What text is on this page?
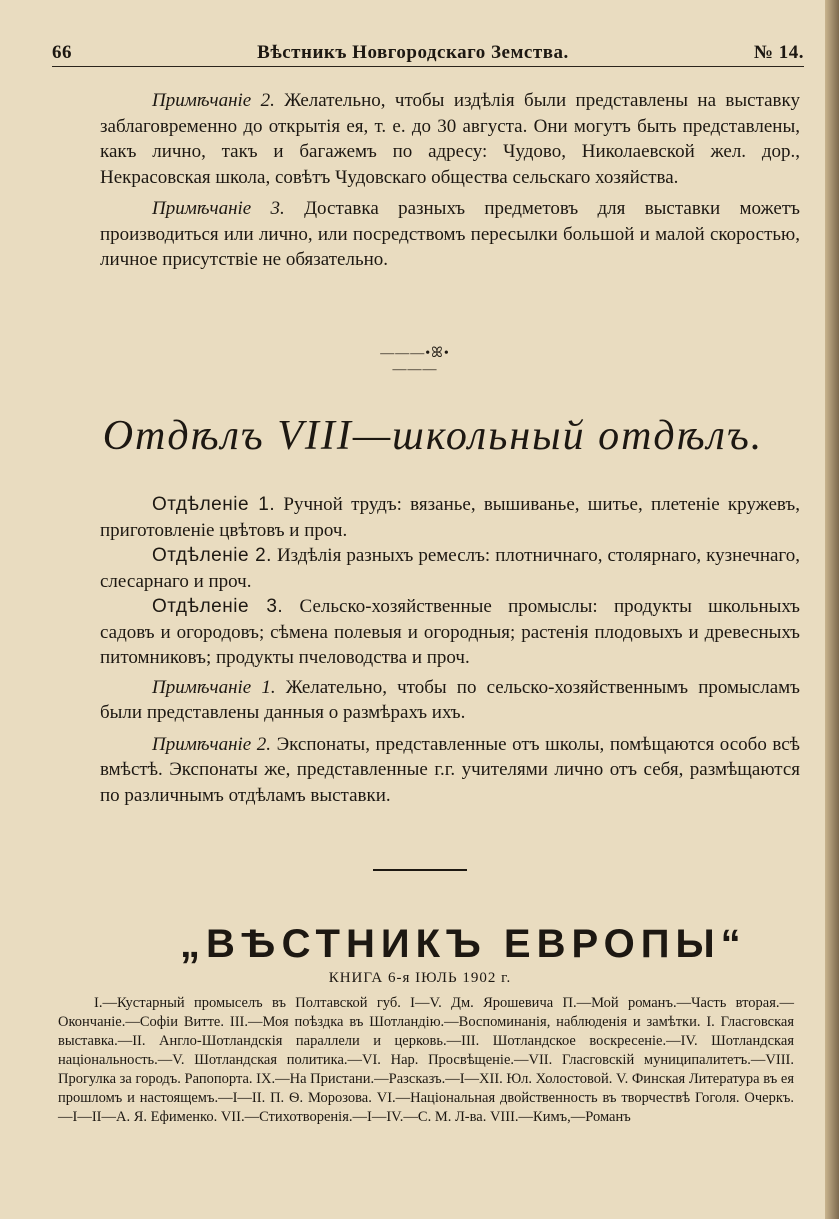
66	Вѣстникъ Новгородскаго Земства.	№ 14.

Примѣчаніе 2. Желательно, чтобы издѣлія были представлены на выставку заблаговременно до открытія ея, т. е. до 30 августа. Они могутъ быть представлены, какъ лично, такъ и багажемъ по адресу: Чудово, Николаевской жел. дор., Некрасовская школа, совѣтъ Чудовскаго общества сельскаго хозяйства.

Примѣчаніе 3. Доставка разныхъ предметовъ для выставки можетъ производиться или лично, или посредствомъ пересылки большой и малой скоростью, личное присутствіе не обязательно.

———•ꕤ•———
Отдѣлъ VIII—школьный отдѣлъ.

Отдѣленіе 1. Ручной трудъ: вязанье, вышиванье, шитье, плетеніе кружевъ, приготовленіе цвѣтовъ и проч.

Отдѣленіе 2. Издѣлія разныхъ ремеслъ: плотничнаго, столярнаго, кузнечнаго, слесарнаго и проч.

Отдѣленіе 3. Сельско-хозяйственные промыслы: продукты школьныхъ садовъ и огородовъ; сѣмена полевыя и огородныя; растенія плодовыхъ и древесныхъ питомниковъ; продукты пчеловодства и проч.

Примѣчаніе 1. Желательно, чтобы по сельско-хозяйственнымъ промысламъ были представлены данныя о размѣрахъ ихъ.

Примѣчаніе 2. Экспонаты, представленные отъ школы, помѣщаются особо всѣ вмѣстѣ. Экспонаты же, представленные г.г. учителями лично отъ себя, размѣщаются по различнымъ отдѣламъ выставки.

„ВѢСТНИКЪ ЕВРОПЫ“
КНИГА 6-я ІЮЛЬ 1902 г.

I.—Кустарный промыселъ въ Полтавской губ. I—V. Дм. Ярошевича П.—Мой романъ.—Часть вторая.—Окончаніе.—Софіи Витте. III.—Моя поѣздка въ Шотландію.—Воспоминанія, наблюденія и замѣтки. I. Гласговская выставка.—II. Англо-Шотландскія параллели и церковь.—III. Шотландское воскресеніе.—IV. Шотландская національность.—V. Шотландская политика.—VI. Нар. Просвѣщеніе.—VII. Гласговскій муниципалитетъ.—VIII. Прогулка за городъ. Рапопорта. IX.—На Пристани.—Разсказъ.—I—XII. Юл. Холостовой. V. Финская Литература въ ея прошломъ и настоящемъ.—I—II. П. Ѳ. Морозова. VI.—Національная двойственность въ творчествѣ Гоголя. Очеркъ.—I—II—А. Я. Ефименко. VII.—Стихотворенія.—I—IV.—С. М. Л-ва. VIII.—Кимъ,—Романъ
